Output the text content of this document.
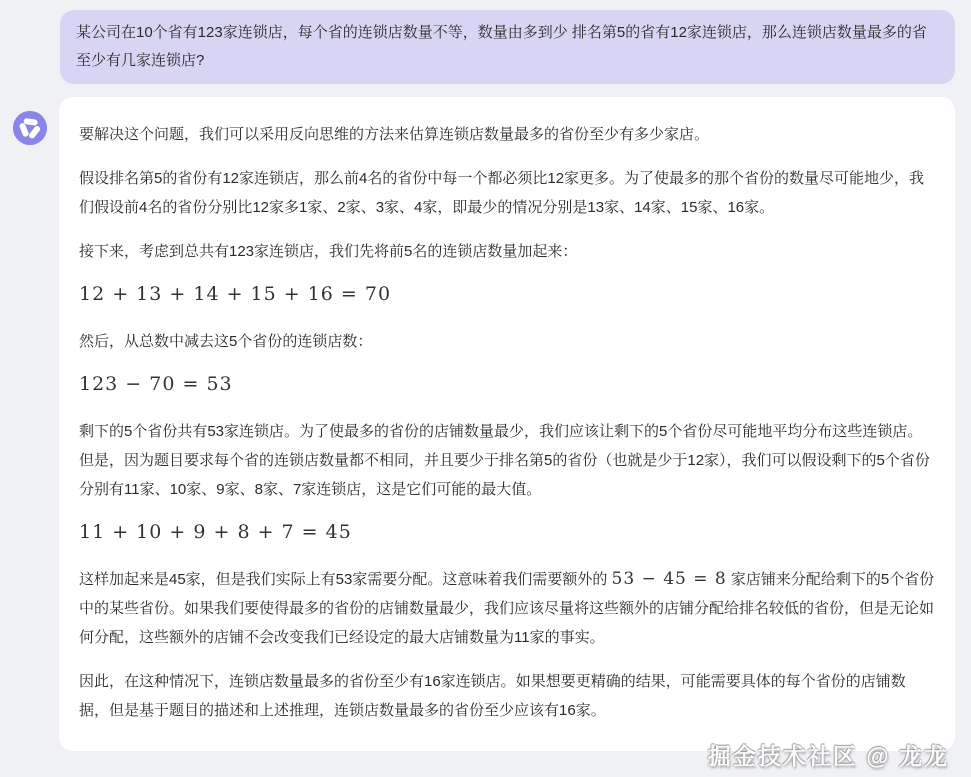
某公司在10个省有123家连锁店，每个省的连锁店数量不等，数量由多到少 排名第5的省有12家连锁店，那么连锁店数量最多的省至少有几家连锁店?

要解决这个问题，我们可以采用反向思维的方法来估算连锁店数量最多的省份至少有多少家店。

假设排名第5的省份有12家连锁店，那么前4名的省份中每一个都必须比12家更多。为了使最多的那个省份的数量尽可能地少，我们假设前4名的省份分别比12家多1家、2家、3家、4家，即最少的情况分别是13家、14家、15家、16家。

接下来，考虑到总共有123家连锁店，我们先将前5名的连锁店数量加起来：

12 + 13 + 14 + 15 + 16 = 70

然后，从总数中减去这5个省份的连锁店数：

123 − 70 = 53

剩下的5个省份共有53家连锁店。为了使最多的省份的店铺数量最少，我们应该让剩下的5个省份尽可能地平均分布这些连锁店。但是，因为题目要求每个省的连锁店数量都不相同，并且要少于排名第5的省份（也就是少于12家），我们可以假设剩下的5个省份分别有11家、10家、9家、8家、7家连锁店，这是它们可能的最大值。

11 + 10 + 9 + 8 + 7 = 45

这样加起来是45家，但是我们实际上有53家需要分配。这意味着我们需要额外的 53 − 45 = 8 家店铺来分配给剩下的5个省份中的某些省份。如果我们要使得最多的省份的店铺数量最少，我们应该尽量将这些额外的店铺分配给排名较低的省份，但是无论如何分配，这些额外的店铺不会改变我们已经设定的最大店铺数量为11家的事实。

因此，在这种情况下，连锁店数量最多的省份至少有16家连锁店。如果想要更精确的结果，可能需要具体的每个省份的店铺数据，但是基于题目的描述和上述推理，连锁店数量最多的省份至少应该有16家。

掘金技术社区 @ 龙龙
